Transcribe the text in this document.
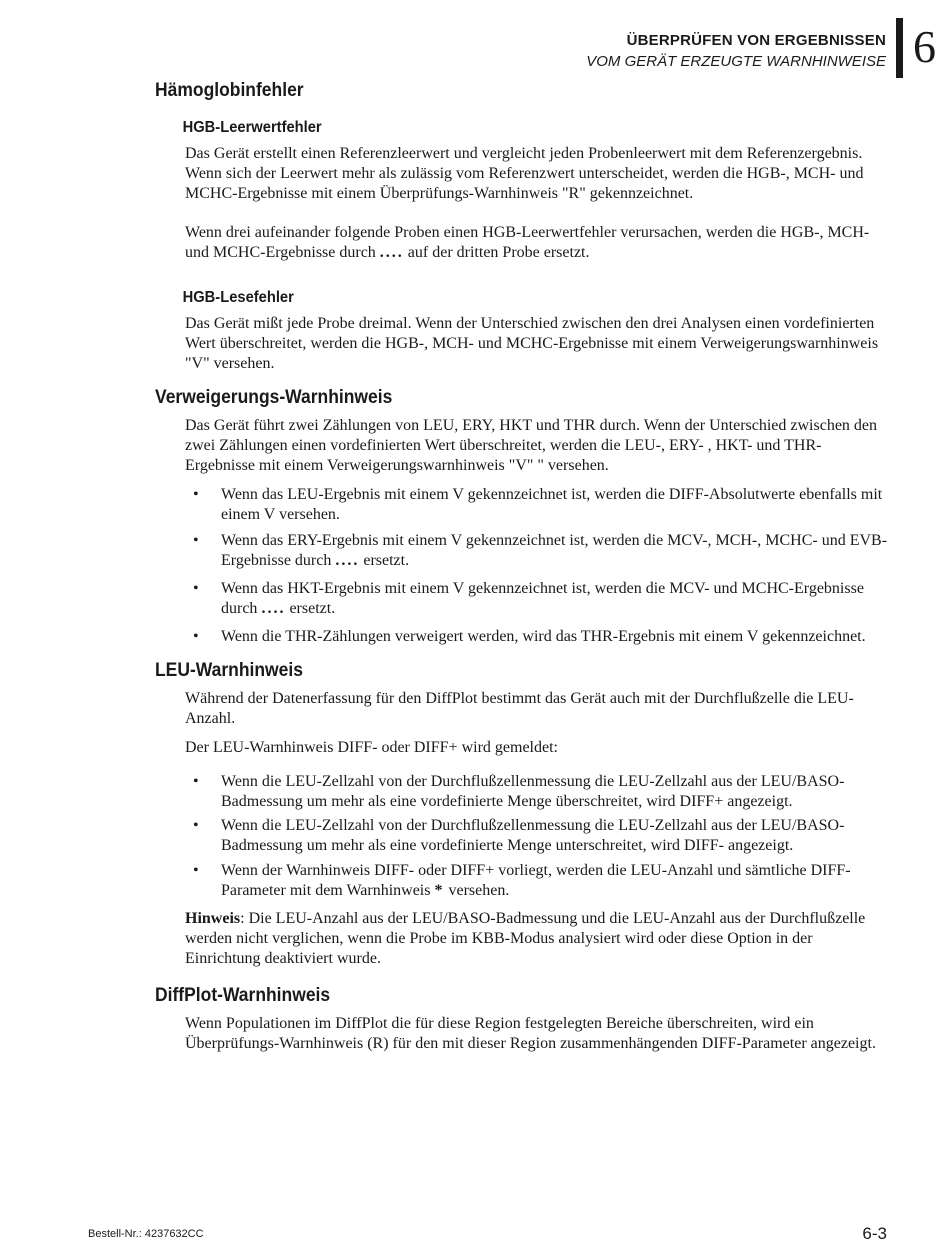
ÜBERPRÜFEN VON ERGEBNISSEN
VOM GERÄT ERZEUGTE WARNHINWEISE 6
Hämoglobinfehler
HGB-Leerwertfehler

Das Gerät erstellt einen Referenzleerwert und vergleicht jeden Probenleerwert mit dem Referenzergebnis. Wenn sich der Leerwert mehr als zulässig vom Referenzwert unterscheidet, werden die HGB-, MCH- und MCHC-Ergebnisse mit einem Überprüfungs-Warnhinweis "R" gekennzeichnet.

Wenn drei aufeinander folgende Proben einen HGB-Leerwertfehler verursachen, werden die HGB-, MCH- und MCHC-Ergebnisse durch .... auf der dritten Probe ersetzt.

HGB-Lesefehler

Das Gerät mißt jede Probe dreimal. Wenn der Unterschied zwischen den drei Analysen einen vordefinierten Wert überschreitet, werden die HGB-, MCH- und MCHC-Ergebnisse mit einem Verweigerungswarnhinweis "V" versehen.

Verweigerungs-Warnhinweis

Das Gerät führt zwei Zählungen von LEU, ERY, HKT und THR durch. Wenn der Unterschied zwischen den zwei Zählungen einen vordefinierten Wert überschreitet, werden die LEU-, ERY- , HKT- und THR-Ergebnisse mit einem Verweigerungswarnhinweis "V" " versehen.

• Wenn das LEU-Ergebnis mit einem V gekennzeichnet ist, werden die DIFF-Absolutwerte ebenfalls mit einem V versehen.
• Wenn das ERY-Ergebnis mit einem V gekennzeichnet ist, werden die MCV-, MCH-, MCHC- und EVB-Ergebnisse durch .... ersetzt.
• Wenn das HKT-Ergebnis mit einem V gekennzeichnet ist, werden die MCV- und MCHC-Ergebnisse durch .... ersetzt.
• Wenn die THR-Zählungen verweigert werden, wird das THR-Ergebnis mit einem V gekennzeichnet.
LEU-Warnhinweis

Während der Datenerfassung für den DiffPlot bestimmt das Gerät auch mit der Durchflußzelle die LEU-Anzahl.

Der LEU-Warnhinweis DIFF- oder DIFF+ wird gemeldet:

• Wenn die LEU-Zellzahl von der Durchflußzellenmessung die LEU-Zellzahl aus der LEU/BASO-Badmessung um mehr als eine vordefinierte Menge überschreitet, wird DIFF+ angezeigt.
• Wenn die LEU-Zellzahl von der Durchflußzellenmessung die LEU-Zellzahl aus der LEU/BASO-Badmessung um mehr als eine vordefinierte Menge unterschreitet, wird DIFF- angezeigt.
• Wenn der Warnhinweis DIFF- oder DIFF+ vorliegt, werden die LEU-Anzahl und sämtliche DIFF-Parameter mit dem Warnhinweis * versehen.

Hinweis: Die LEU-Anzahl aus der LEU/BASO-Badmessung und die LEU-Anzahl aus der Durchflußzelle werden nicht verglichen, wenn die Probe im KBB-Modus analysiert wird oder diese Option in der Einrichtung deaktiviert wurde.

DiffPlot-Warnhinweis

Wenn Populationen im DiffPlot die für diese Region festgelegten Bereiche überschreiten, wird ein Überprüfungs-Warnhinweis (R) für den mit dieser Region zusammenhängenden DIFF-Parameter angezeigt.

Bestell-Nr.: 4237632CC	6-3
